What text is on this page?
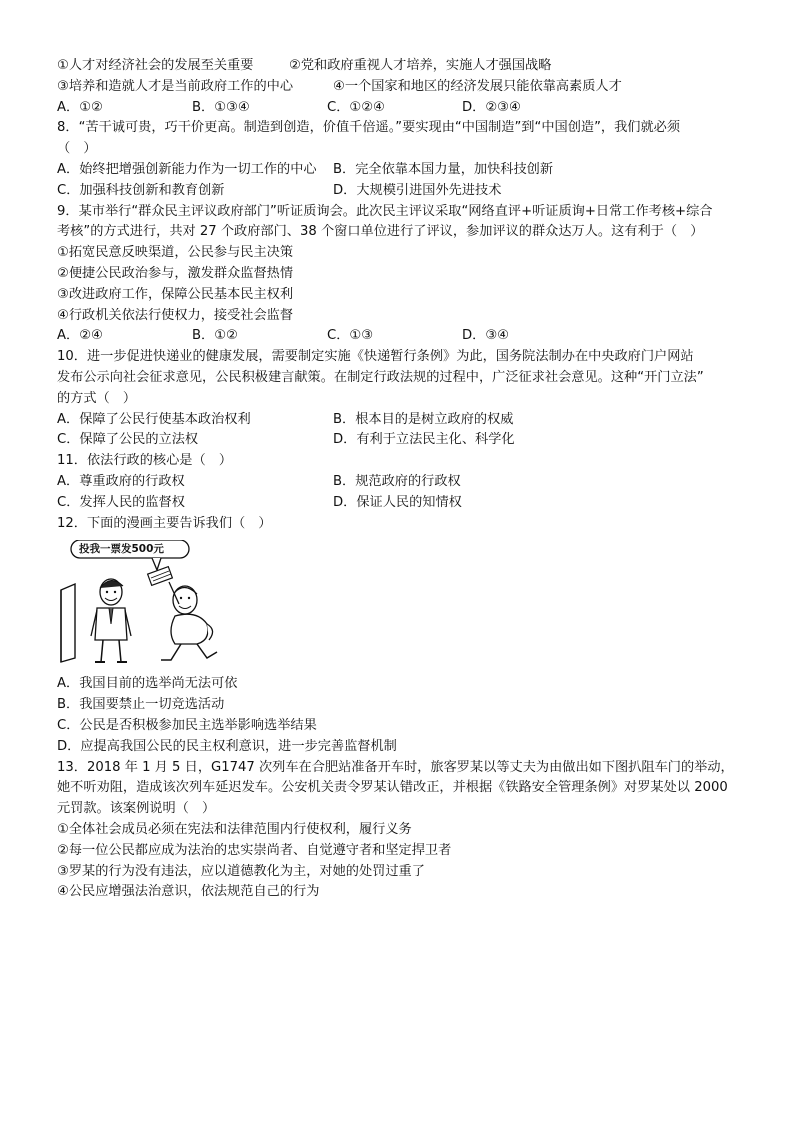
①人才对经济社会的发展至关重要	②党和政府重视人才培养，实施人才强国战略
③培养和造就人才是当前政府工作的中心	④一个国家和地区的经济发展只能依靠高素质人才
A．①②	B．①③④	C．①②④	D．②③④
8．“苦干诚可贵，巧干价更高。制造到创造，价值千倍遥。”要实现由“中国制造”到“中国创造”，我们就必须
（　）
A．始终把增强创新能力作为一切工作的中心	B．完全依靠本国力量，加快科技创新
C．加强科技创新和教育创新	D．大规模引进国外先进技术
9．某市举行“群众民主评议政府部门”听证质询会。此次民主评议采取“网络直评+听证质询+日常工作考核+综合
考核”的方式进行，共对 27 个政府部门、38 个窗口单位进行了评议，参加评议的群众达万人。这有利于（　）
①拓宽民意反映渠道，公民参与民主决策
②便捷公民政治参与，激发群众监督热情
③改进政府工作，保障公民基本民主权利
④行政机关依法行使权力，接受社会监督
A．②④	B．①②	C．①③	D．③④
10．进一步促进快递业的健康发展，需要制定实施《快递暂行条例》为此，国务院法制办在中央政府门户网站
发布公示向社会征求意见，公民积极建言献策。在制定行政法规的过程中，广泛征求社会意见。这种“开门立法”
的方式（　）
A．保障了公民行使基本政治权利	B．根本目的是树立政府的权威
C．保障了公民的立法权	D．有利于立法民主化、科学化
11．依法行政的核心是（　）
A．尊重政府的行政权	B．规范政府的行政权
C．发挥人民的监督权	D．保证人民的知情权
12．下面的漫画主要告诉我们（　）
投我一票发500元
A．我国目前的选举尚无法可依
B．我国要禁止一切竞选活动
C．公民是否积极参加民主选举影响选举结果
D．应提高我国公民的民主权利意识，进一步完善监督机制
13．2018 年 1 月 5 日，G1747 次列车在合肥站准备开车时，旅客罗某以等丈夫为由做出如下图扒阻车门的举动，
她不听劝阻，造成该次列车延迟发车。公安机关责令罗某认错改正，并根据《铁路安全管理条例》对罗某处以 2000
元罚款。该案例说明（　）
①全体社会成员必须在宪法和法律范围内行使权利，履行义务
②每一位公民都应成为法治的忠实崇尚者、自觉遵守者和坚定捍卫者
③罗某的行为没有违法，应以道德教化为主，对她的处罚过重了
④公民应增强法治意识，依法规范自己的行为
